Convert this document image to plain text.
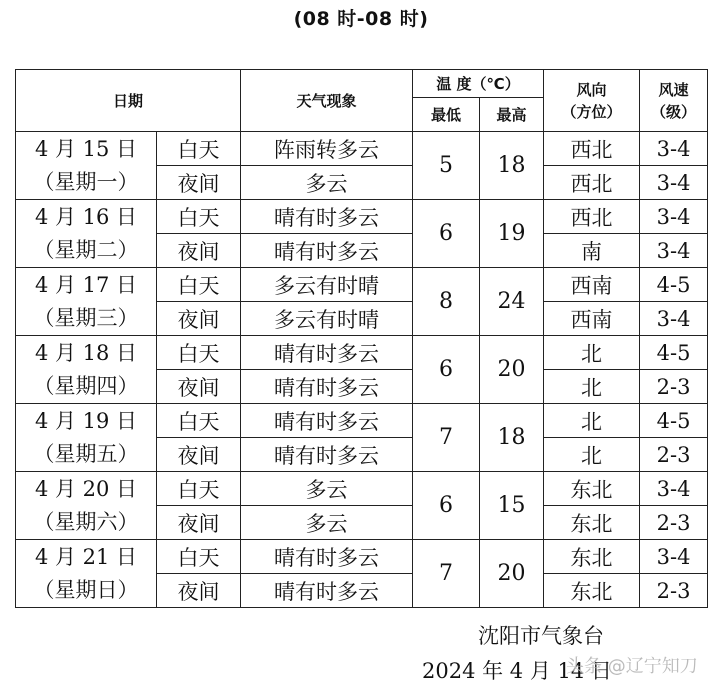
(08 时-08 时)
日期		天气现象	温 度（℃）		风向
（方位）	风速
（级）

			最低	最高		

4 月 15 日
（星期一）	白天	阵雨转多云	5	18	西北	3-4
	夜间	多云			西北	3-4

4 月 16 日
（星期二）	白天	晴有时多云	6	19	西北	3-4
	夜间	晴有时多云			南	3-4

4 月 17 日
（星期三）	白天	多云有时晴	8	24	西南	4-5
	夜间	多云有时晴			西南	3-4

4 月 18 日
（星期四）	白天	晴有时多云	6	20	北	4-5
	夜间	晴有时多云			北	2-3

4 月 19 日
（星期五）	白天	晴有时多云	7	18	北	4-5
	夜间	晴有时多云			北	2-3

4 月 20 日
（星期六）	白天	多云	6	15	东北	3-4
	夜间	多云			东北	2-3

4 月 21 日
（星期日）	白天	晴有时多云	7	20	东北	3-4
	夜间	晴有时多云			东北	2-3
沈阳市气象台
2024 年 4 月 14 日
头条 @辽宁知刀
